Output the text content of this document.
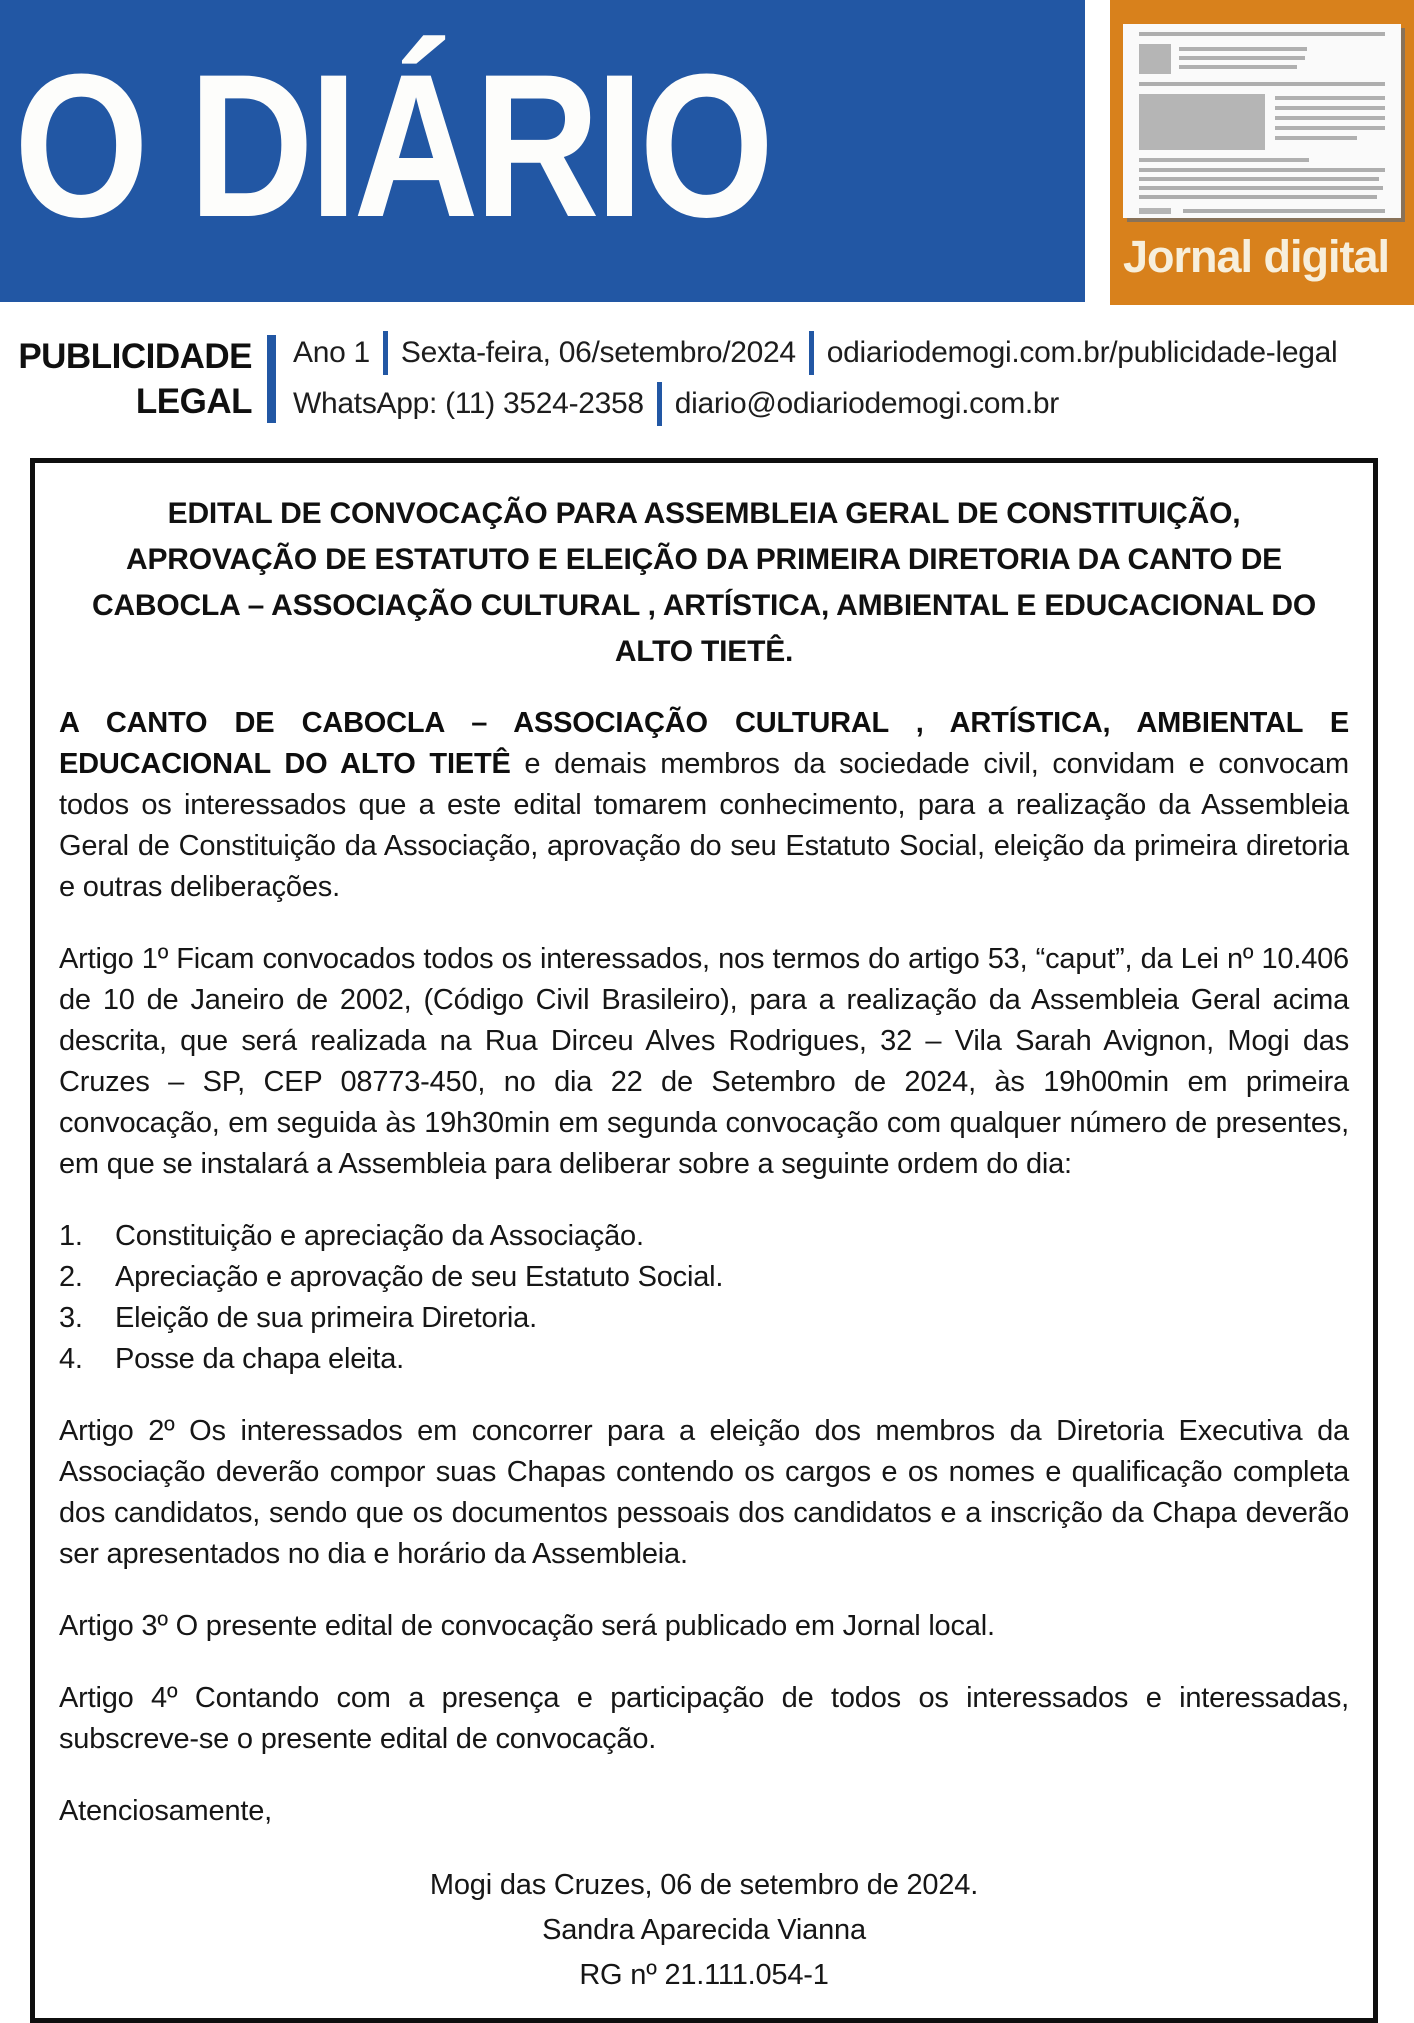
O DIÁRIO	Jornal digital
PUBLICIDADE
LEGAL
Ano 1 Sexta-feira, 06/setembro/2024 odiariodemogi.com.br/publicidade-legal
WhatsApp: (11) 3524-2358 diario@odiariodemogi.com.br
EDITAL DE CONVOCAÇÃO PARA ASSEMBLEIA GERAL DE CONSTITUIÇÃO, APROVAÇÃO DE ESTATUTO E ELEIÇÃO DA PRIMEIRA DIRETORIA DA CANTO DE CABOCLA – ASSOCIAÇÃO CULTURAL , ARTÍSTICA, AMBIENTAL E EDUCACIONAL DO ALTO TIETÊ.

A CANTO DE CABOCLA – ASSOCIAÇÃO CULTURAL , ARTÍSTICA, AMBIENTAL E EDUCACIONAL DO ALTO TIETÊ e demais membros da sociedade civil, convidam e convocam todos os interessados que a este edital tomarem conhecimento, para a realização da Assembleia Geral de Constituição da Associação, aprovação do seu Estatuto Social, eleição da primeira diretoria e outras deliberações.

Artigo 1º Ficam convocados todos os interessados, nos termos do artigo 53, “caput”, da Lei nº 10.406 de 10 de Janeiro de 2002, (Código Civil Brasileiro), para a realização da Assembleia Geral acima descrita, que será realizada na Rua Dirceu Alves Rodrigues, 32 – Vila Sarah Avignon, Mogi das Cruzes – SP, CEP 08773-450, no dia 22 de Setembro de 2024, às 19h00min em primeira convocação, em seguida às 19h30min em segunda convocação com qualquer número de presentes, em que se instalará a Assembleia para deliberar sobre a seguinte ordem do dia:

1.	Constituição e apreciação da Associação.
2.	Apreciação e aprovação de seu Estatuto Social.
3.	Eleição de sua primeira Diretoria.
4.	Posse da chapa eleita.

Artigo 2º Os interessados em concorrer para a eleição dos membros da Diretoria Executiva da Associação deverão compor suas Chapas contendo os cargos e os nomes e qualificação completa dos candidatos, sendo que os documentos pessoais dos candidatos e a inscrição da Chapa deverão ser apresentados no dia e horário da Assembleia.

Artigo 3º O presente edital de convocação será publicado em Jornal local.

Artigo 4º Contando com a presença e participação de todos os interessados e interessadas, subscreve-se o presente edital de convocação.

Atenciosamente,

Mogi das Cruzes, 06 de setembro de 2024.
Sandra Aparecida Vianna
RG nº 21.111.054-1
